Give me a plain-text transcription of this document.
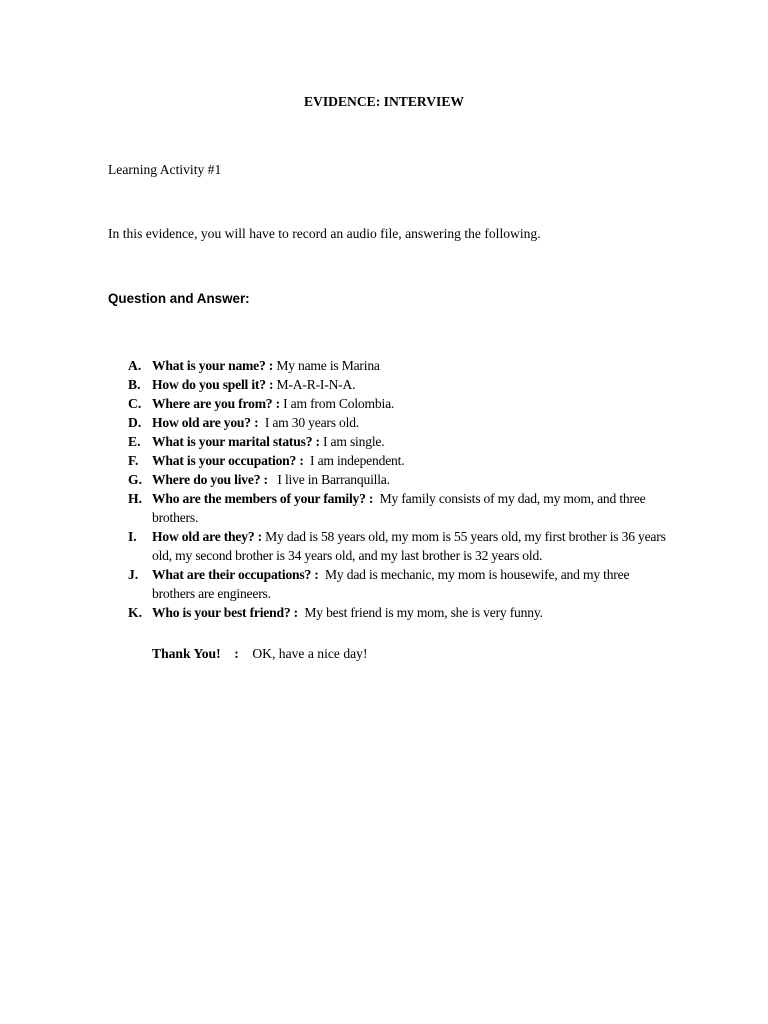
EVIDENCE: INTERVIEW
Learning Activity #1
In this evidence, you will have to record an audio file, answering the following.
Question and Answer:
A. What is your name? : My name is Marina
B. How do you spell it? : M-A-R-I-N-A.
C. Where are you from? : I am from Colombia.
D. How old are you? :  I am 30 years old.
E. What is your marital status? : I am single.
F. What is your occupation? :  I am independent.
G. Where do you live? :   I live in Barranquilla.
H. Who are the members of your family? :  My family consists of my dad, my mom, and three brothers.
I.	How old are they? : My dad is 58 years old, my mom is 55 years old, my first brother is 36 years old, my second brother is 34 years old, and my last brother is 32 years old.
J.	What are their occupations? :  My dad is mechanic, my mom is housewife, and my three brothers are engineers.
K. Who is your best friend? :  My best friend is my mom, she is very funny.
Thank You!    :    OK, have a nice day!
